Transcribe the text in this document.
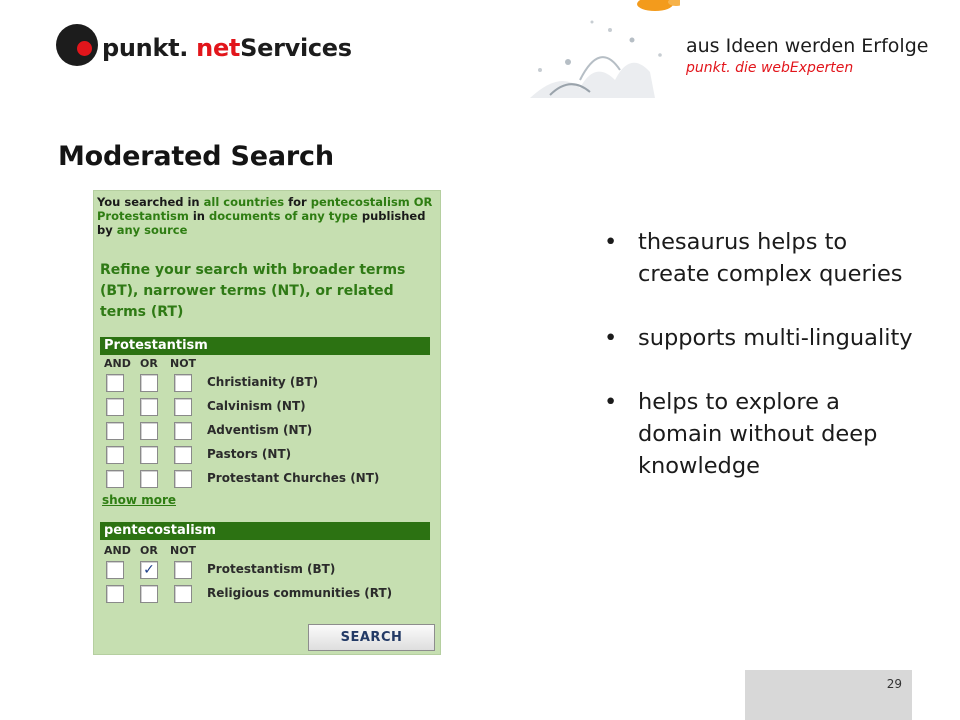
punkt. netServices	aus Ideen werden Erfolge
punkt. die webExperten
Moderated Search
You searched in all countries for pentecostalism OR Protestantism in documents of any type published by any source
Refine your search with broader terms (BT), narrower terms (NT), or related terms (RT)
Protestantism
AND OR NOT
Christianity (BT)
Calvinism (NT)
Adventism (NT)
Pastors (NT)
Protestant Churches (NT)
show more
pentecostalism
AND OR NOT
✓	Protestantism (BT)
Religious communities (RT)
SEARCH
• thesaurus helps to create complex queries
• supports multi-linguality
• helps to explore a domain without deep knowledge
29
